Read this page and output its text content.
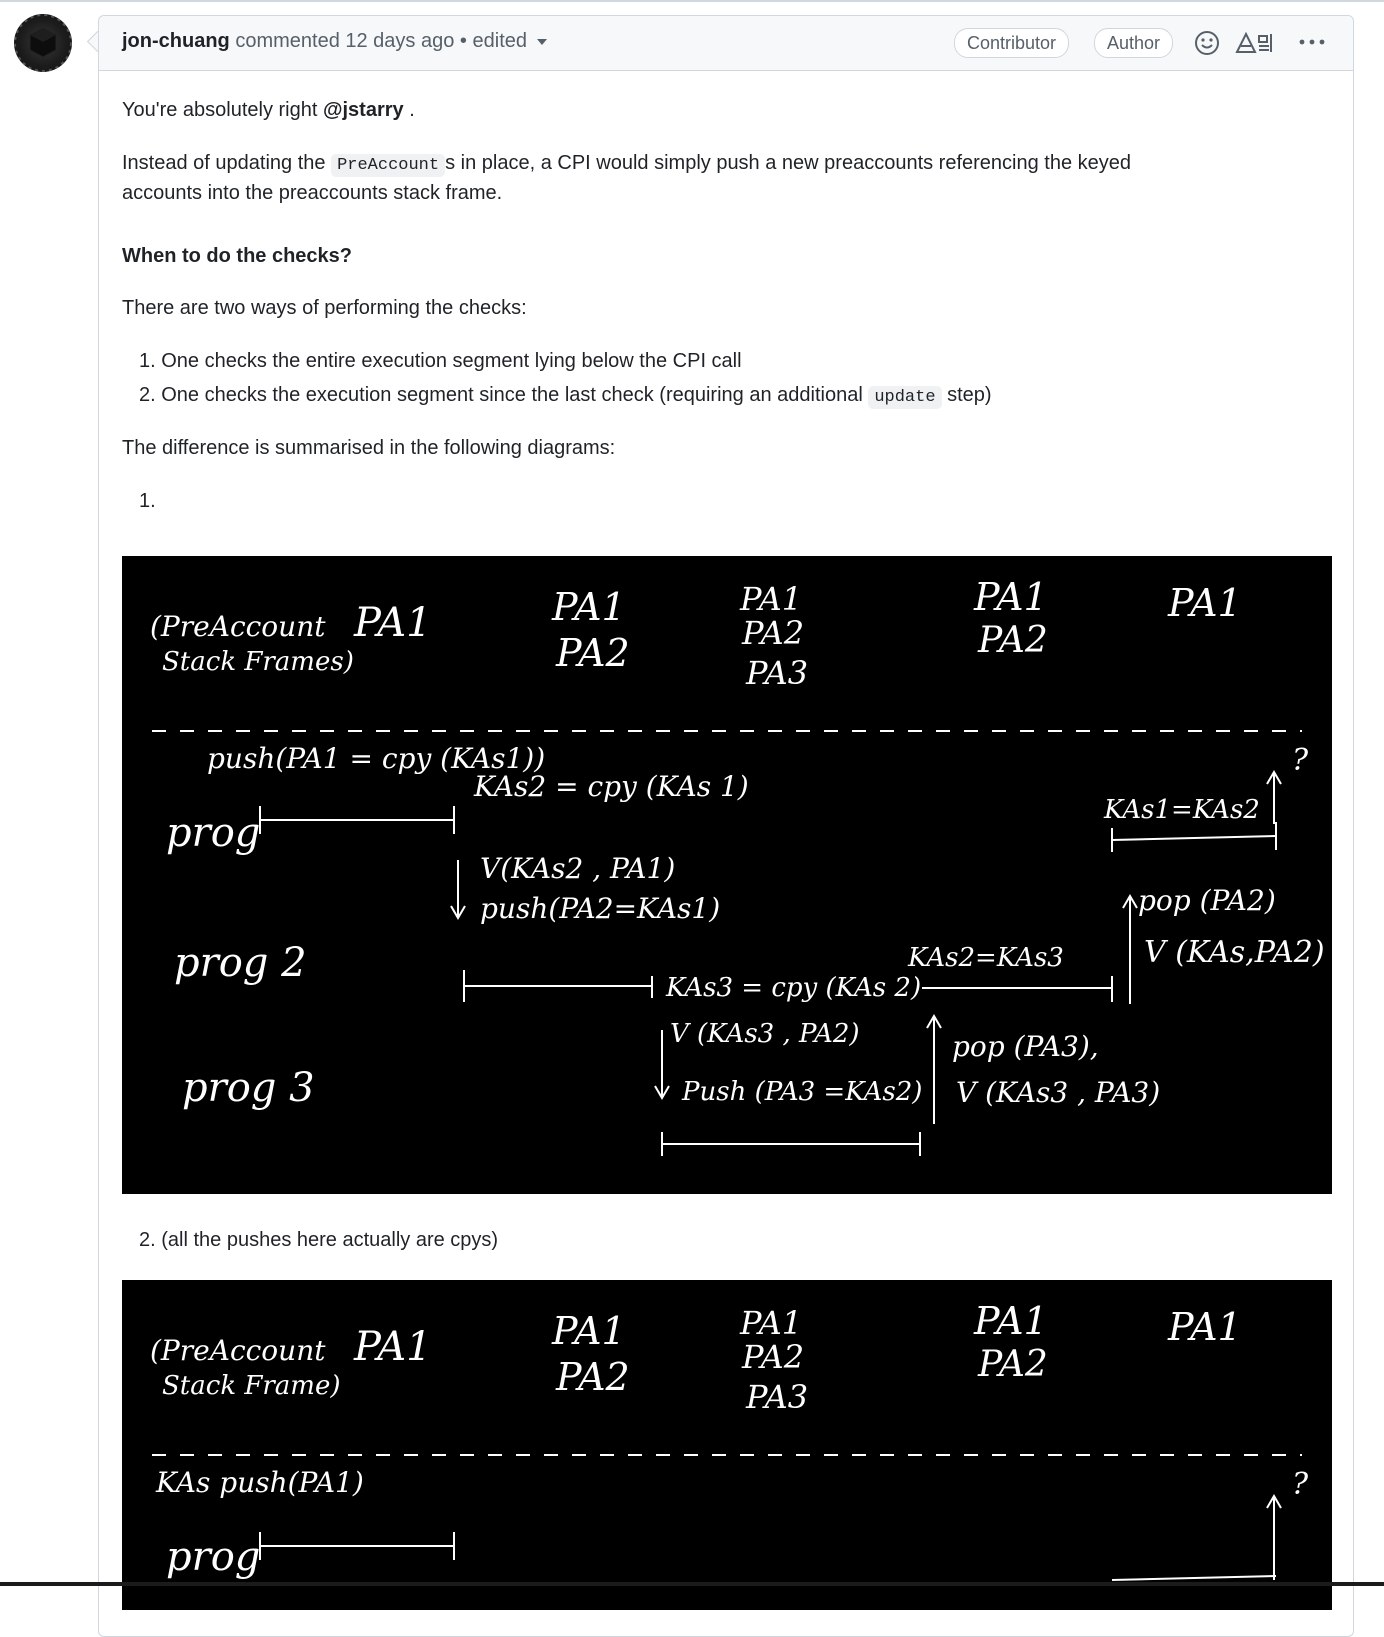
jon-chuang commented 12 days ago • edited	Contributor	Author

You're absolutely right @jstarry .

Instead of updating the PreAccount s in place, a CPI would simply push a new preaccounts referencing the keyed

accounts into the preaccounts stack frame.

When to do the checks?

There are two ways of performing the checks:

1. One checks the entire execution segment lying below the CPI call
2. One checks the execution segment since the last check (requiring an additional update step)

The difference is summarised in the following diagrams:

1.
(PreAccount
Stack Frames)
PA1	PA1
PA2
PA1
PA2
PA3
PA1
PA2
PA1
prog
prog 2
prog 3
push(PA1 = cpy (KAs1))
KAs2 = cpy (KAs 1)
V(KAs2 , PA1)
push(PA2=KAs1)
KAs3 = cpy (KAs 2)
V (KAs3 , PA2)
Push (PA3 =KAs2)
KAs2=KAs3
pop (PA3),
V (KAs3 , PA3)
KAs1=KAs2
pop (PA2)
V (KAs,PA2)
?
2. (all the pushes here actually are cpys)
(PreAccount
Stack Frame)
PA1	PA1
PA2
PA1
PA2
PA3
PA1
PA2
PA1
KAs push(PA1)
prog
?
